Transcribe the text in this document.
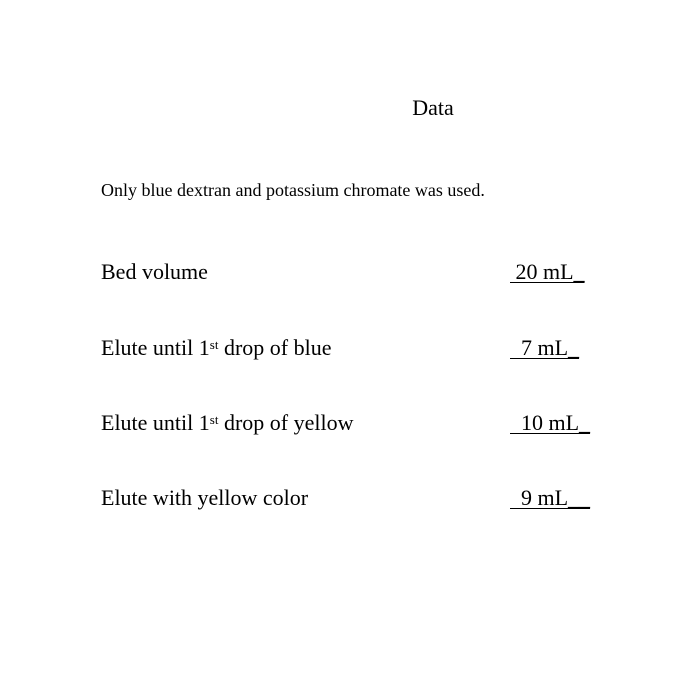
Data
Only blue dextran and potassium chromate was used.
Bed volume	20 mL_
Elute until 1st drop of blue	7 mL_
Elute until 1st drop of yellow	10 mL_
Elute with yellow color	9 mL__
